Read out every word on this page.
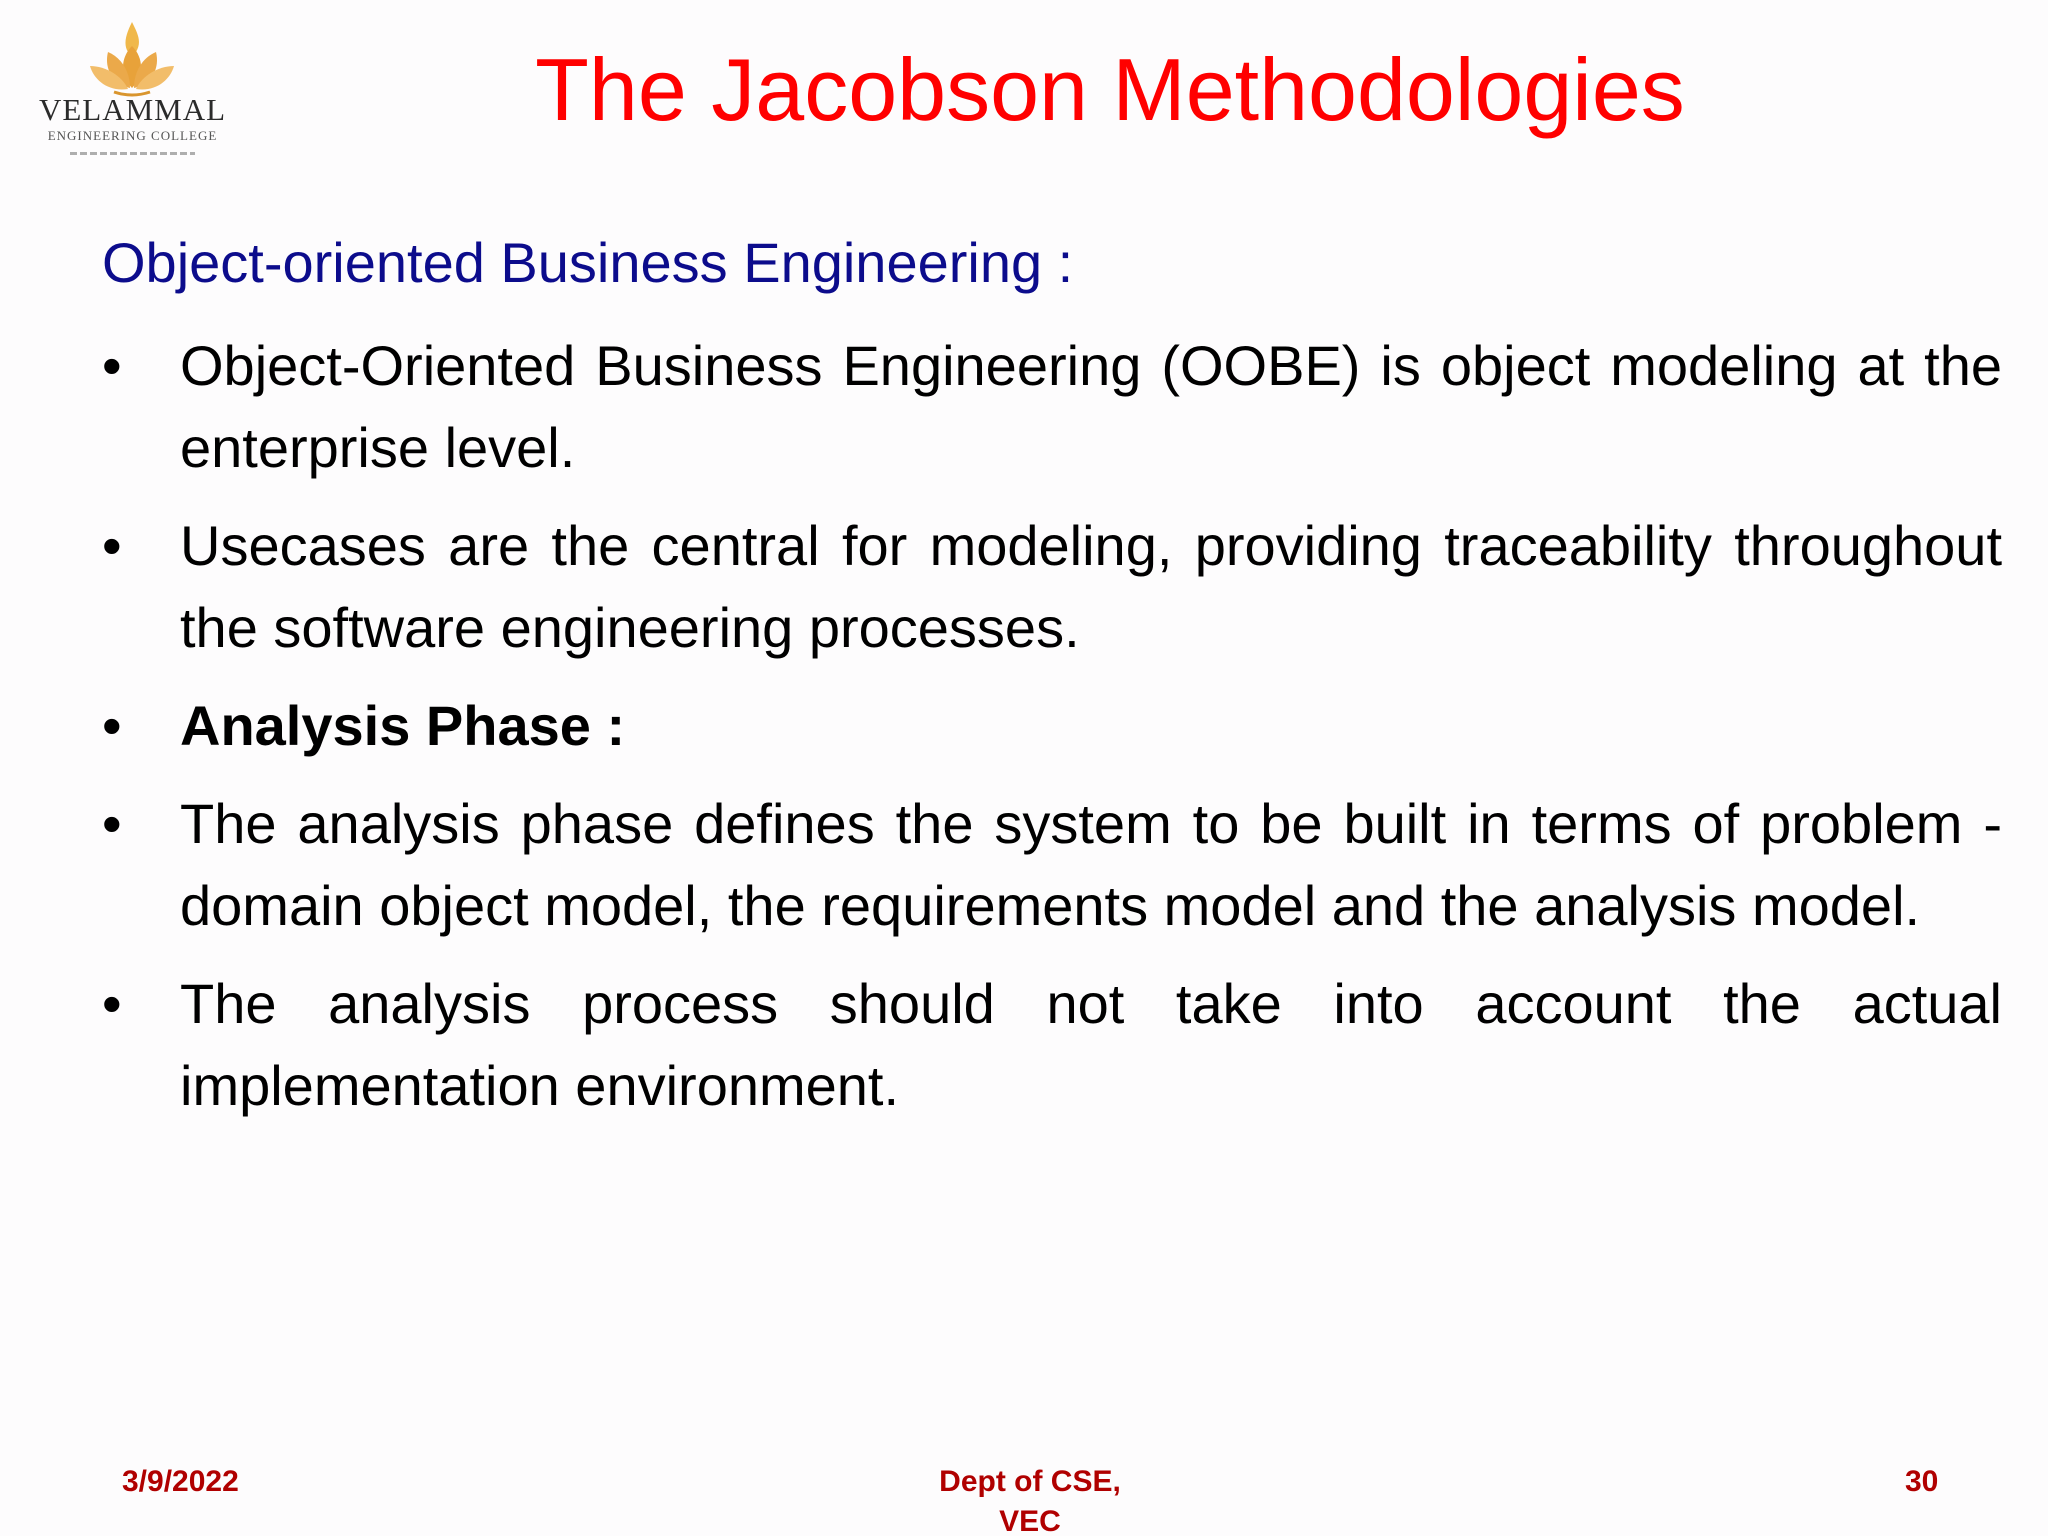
VELAMMAL
ENGINEERING COLLEGE	The Jacobson Methodologies
Object-oriented Business Engineering :
•	Object-Oriented Business Engineering (OOBE) is object modeling at the enterprise level.
•	Usecases are the central for modeling, providing traceability throughout the software engineering processes.
•	Analysis Phase :
•	The analysis phase defines the system to be built in terms of problem - domain object model, the requirements model and the analysis model.
•	The analysis process should not take into account the actual implementation environment.
3/9/2022	Dept of CSE, VEC
30
